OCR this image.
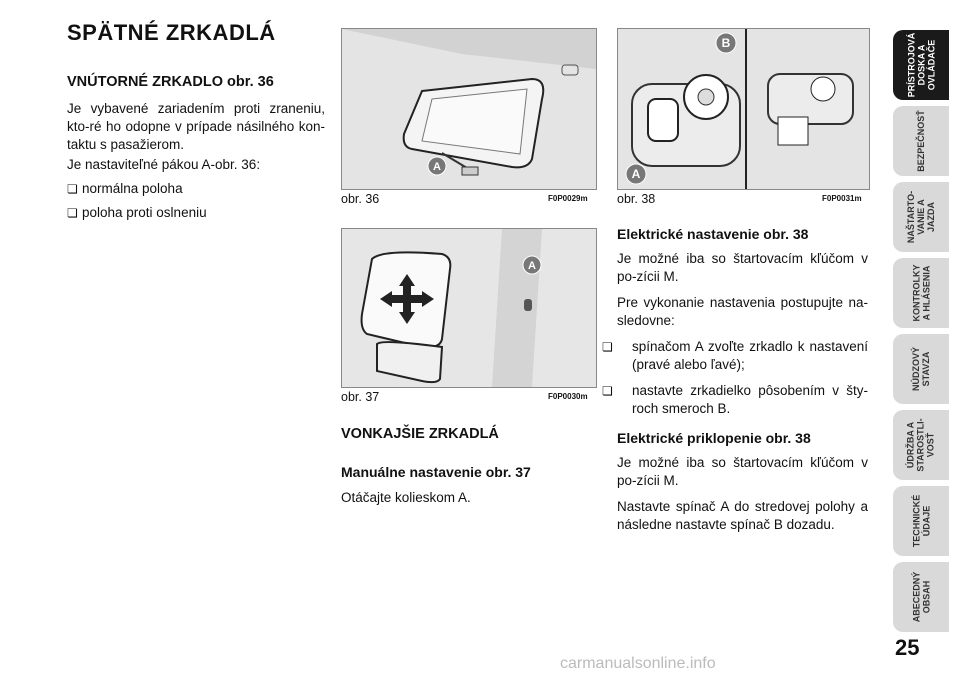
SPÄTNÉ ZRKADLÁ
VNÚTORNÉ ZRKADLO obr. 36

Je vybavené zariadením proti zraneniu, kto-ré ho odopne v prípade násilného kon-taktu s pasažierom.

Je nastaviteľné pákou A-obr. 36:

❏ normálna poloha

❏ poloha proti oslneniu

A
obr. 36	F0P0029m
A
obr. 37	F0P0030m
B
A
obr. 38	F0P0031m
VONKAJŠIE ZRKADLÁ
Manuálne nastavenie obr. 37

Otáčajte kolieskom A.

Elektrické nastavenie obr. 38

Je možné iba so štartovacím kľúčom v po-zícii M.

Pre vykonanie nastavenia postupujte na-sledovne:

❏ spínačom A zvoľte zrkadlo k nastavení (pravé alebo ľavé);

❏ nastavte zrkadielko pôsobením v šty-roch smeroch B.

Elektrické priklopenie obr. 38

Je možné iba so štartovacím kľúčom v po-zícii M.

Nastavte spínač A do stredovej polohy a následne nastavte spínač B dozadu.

PRÍSTROJOVÁ
DOSKA A
OVLÁDAČE
BEZPEČNOSŤ
NAŠTARTO-
VANIE A
JAZDA
KONTROLKY
A HLÁSENIA
NÚDZOVÝ
STAVZA
ÚDRŽBA A
STAROSTLI-
VOSŤ
TECHNICKÉ
ÚDAJE
ABECEDNÝ
OBSAH
25
carmanualsonline.info
